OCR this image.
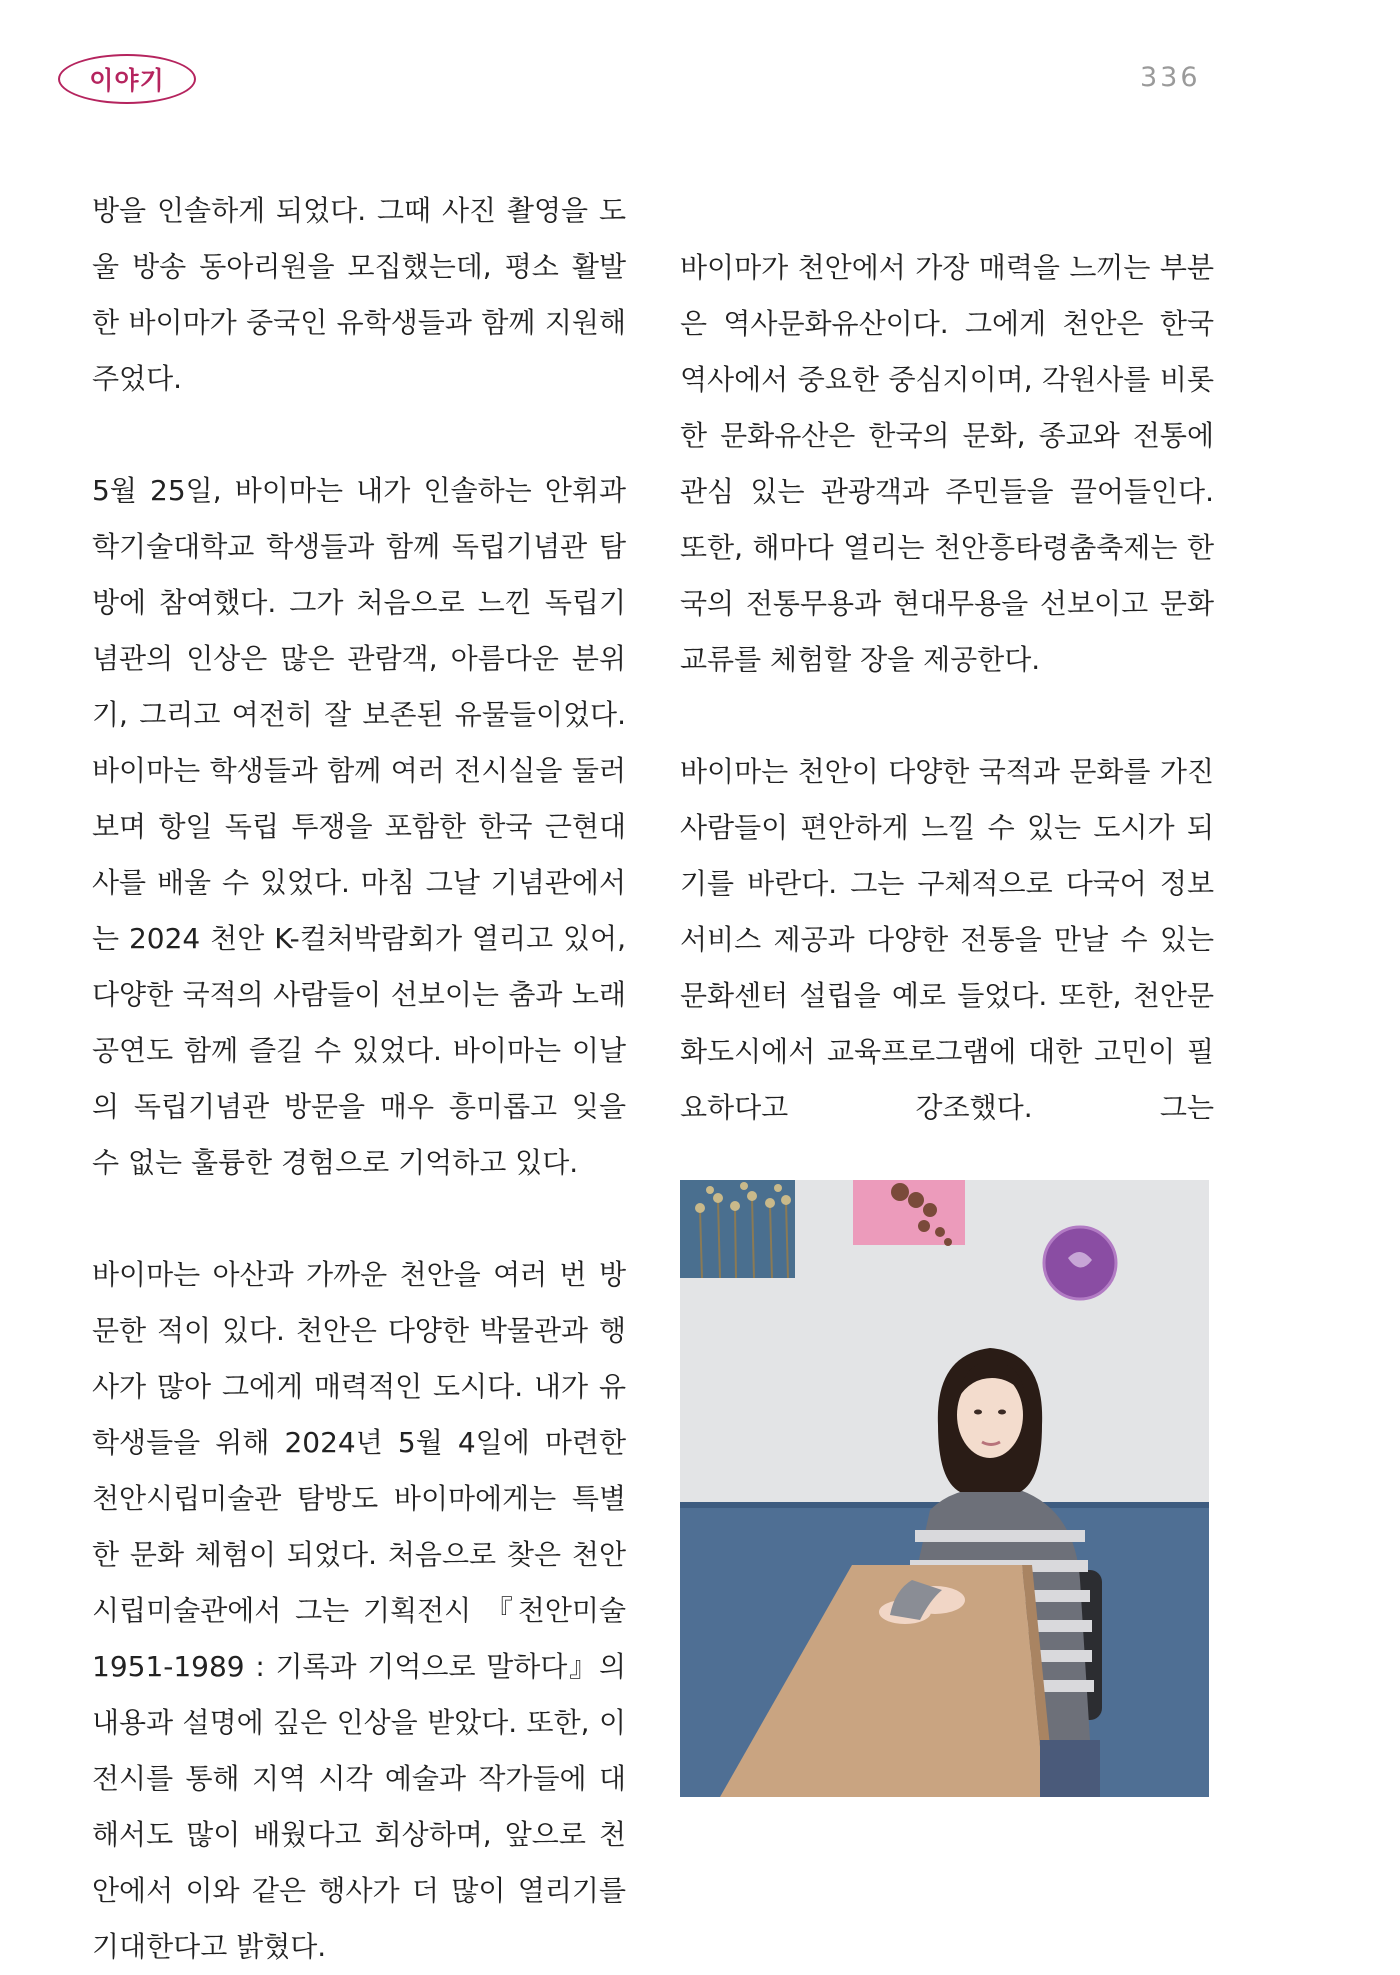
이야기	336

방을 인솔하게 되었다. 그때 사진 촬영을 도울 방송 동아리원을 모집했는데, 평소 활발한 바이마가 중국인 유학생들과 함께 지원해 주었다.

5월 25일, 바이마는 내가 인솔하는 안휘과학기술대학교 학생들과 함께 독립기념관 탐방에 참여했다. 그가 처음으로 느낀 독립기념관의 인상은 많은 관람객, 아름다운 분위기, 그리고 여전히 잘 보존된 유물들이었다. 바이마는 학생들과 함께 여러 전시실을 둘러보며 항일 독립 투쟁을 포함한 한국 근현대사를 배울 수 있었다. 마침 그날 기념관에서는 2024 천안 K-컬처박람회가 열리고 있어, 다양한 국적의 사람들이 선보이는 춤과 노래 공연도 함께 즐길 수 있었다. 바이마는 이날의 독립기념관 방문을 매우 흥미롭고 잊을 수 없는 훌륭한 경험으로 기억하고 있다.

바이마는 아산과 가까운 천안을 여러 번 방문한 적이 있다. 천안은 다양한 박물관과 행사가 많아 그에게 매력적인 도시다. 내가 유학생들을 위해 2024년 5월 4일에 마련한 천안시립미술관 탐방도 바이마에게는 특별한 문화 체험이 되었다. 처음으로 찾은 천안시립미술관에서 그는 기획전시 『천안미술 1951-1989 : 기록과 기억으로 말하다』의 내용과 설명에 깊은 인상을 받았다. 또한, 이 전시를 통해 지역 시각 예술과 작가들에 대해서도 많이 배웠다고 회상하며, 앞으로 천안에서 이와 같은 행사가 더 많이 열리기를 기대한다고 밝혔다.

바이마가 천안에서 가장 매력을 느끼는 부분은 역사문화유산이다. 그에게 천안은 한국 역사에서 중요한 중심지이며, 각원사를 비롯한 문화유산은 한국의 문화, 종교와 전통에 관심 있는 관광객과 주민들을 끌어들인다. 또한, 해마다 열리는 천안흥타령춤축제는 한국의 전통무용과 현대무용을 선보이고 문화 교류를 체험할 장을 제공한다.

바이마는 천안이 다양한 국적과 문화를 가진 사람들이 편안하게 느낄 수 있는 도시가 되기를 바란다. 그는 구체적으로 다국어 정보 서비스 제공과 다양한 전통을 만날 수 있는 문화센터 설립을 예로 들었다. 또한, 천안문화도시에서 교육프로그램에 대한 고민이 필요하다고 강조했다. 그는
